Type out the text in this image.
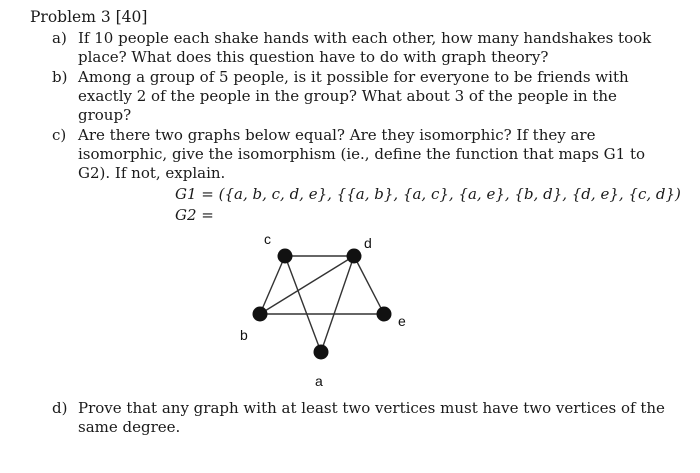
Problem 3 [40]
a) If 10 people each shake hands with each other, how many handshakes took place? What does this question have to do with graph theory?
b) Among a group of 5 people, is it possible for everyone to be friends with exactly 2 of the people in the group? What about 3 of the people in the group?
c) Are there two graphs below equal? Are they isomorphic? If they are isomorphic, give the isomorphism (ie., define the function that maps G1 to G2). If not, explain.
G1 = ({a, b, c, d, e}, {{a, b}, {a, c}, {a, e}, {b, d}, {d, e}, {c, d})
G2 =
c	d
b
e
a
d) Prove that any graph with at least two vertices must have two vertices of the same degree.
